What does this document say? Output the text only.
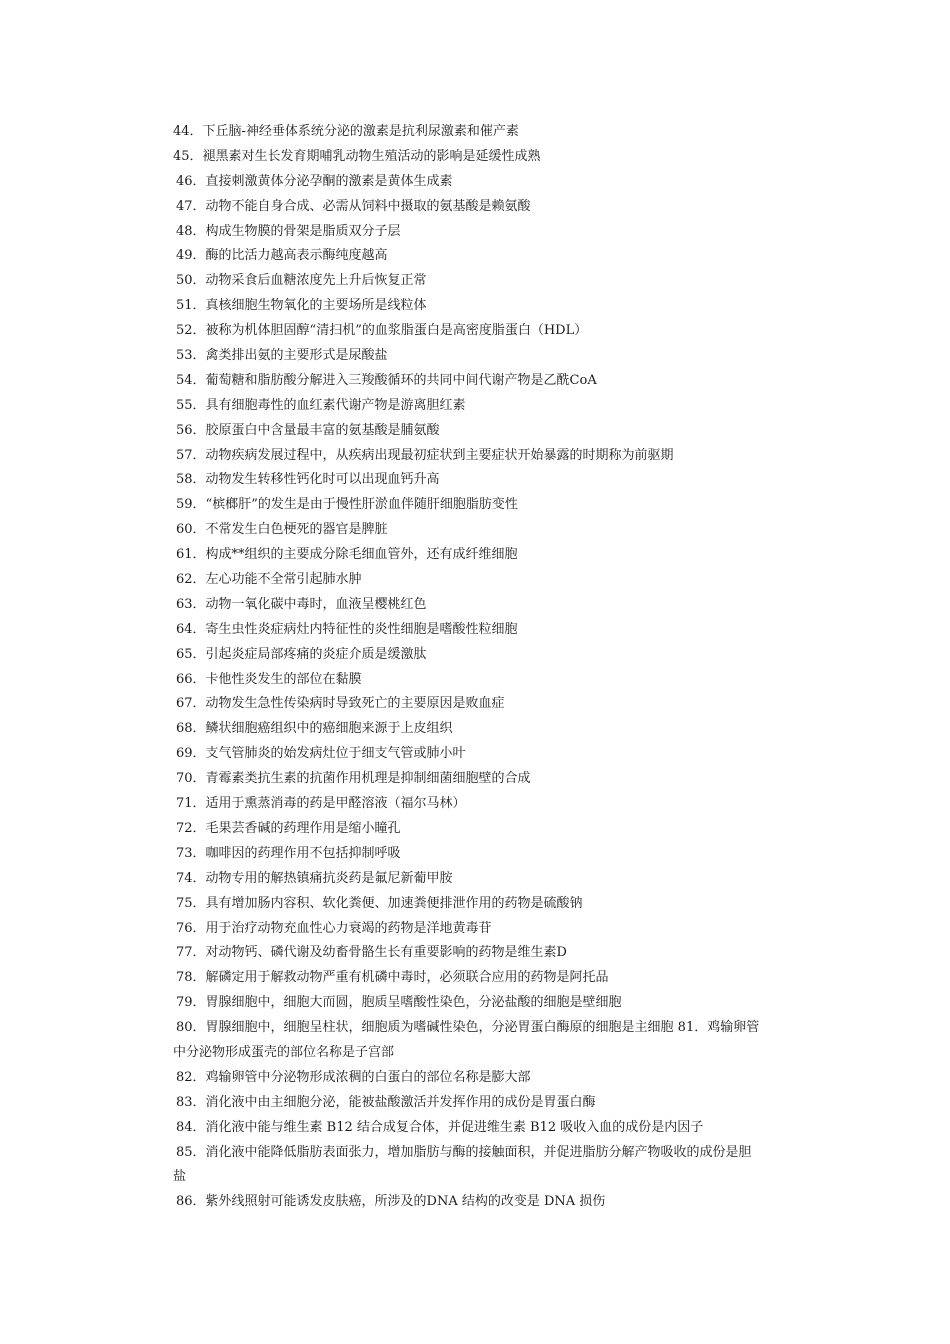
44．下丘脑-神经垂体系统分泌的激素是抗利尿激素和催产素
45．褪黑素对生长发育期哺乳动物生殖活动的影响是延缓性成熟
46．直接刺激黄体分泌孕酮的激素是黄体生成素
47．动物不能自身合成、必需从饲料中摄取的氨基酸是赖氨酸
48．构成生物膜的骨架是脂质双分子层
49．酶的比活力越高表示酶纯度越高
50．动物采食后血糖浓度先上升后恢复正常
51．真核细胞生物氧化的主要场所是线粒体
52．被称为机体胆固醇“清扫机”的血浆脂蛋白是高密度脂蛋白（HDL）
53．禽类排出氨的主要形式是尿酸盐
54．葡萄糖和脂肪酸分解进入三羧酸循环的共同中间代谢产物是乙酰CoA
55．具有细胞毒性的血红素代谢产物是游离胆红素
56．胶原蛋白中含量最丰富的氨基酸是脯氨酸
57．动物疾病发展过程中，从疾病出现最初症状到主要症状开始暴露的时期称为前驱期
58．动物发生转移性钙化时可以出现血钙升高
59．“槟榔肝”的发生是由于慢性肝淤血伴随肝细胞脂肪变性
60．不常发生白色梗死的器官是脾脏
61．构成**组织的主要成分除毛细血管外，还有成纤维细胞
62．左心功能不全常引起肺水肿
63．动物一氧化碳中毒时，血液呈樱桃红色
64．寄生虫性炎症病灶内特征性的炎性细胞是嗜酸性粒细胞
65．引起炎症局部疼痛的炎症介质是缓激肽
66．卡他性炎发生的部位在黏膜
67．动物发生急性传染病时导致死亡的主要原因是败血症
68．鳞状细胞癌组织中的癌细胞来源于上皮组织
69．支气管肺炎的始发病灶位于细支气管或肺小叶
70．青霉素类抗生素的抗菌作用机理是抑制细菌细胞壁的合成
71．适用于熏蒸消毒的药是甲醛溶液（福尔马林）
72．毛果芸香碱的药理作用是缩小瞳孔
73．咖啡因的药理作用不包括抑制呼吸
74．动物专用的解热镇痛抗炎药是氟尼新葡甲胺
75．具有增加肠内容积、软化粪便、加速粪便排泄作用的药物是硫酸钠
76．用于治疗动物充血性心力衰竭的药物是洋地黄毒苷
77．对动物钙、磷代谢及幼畜骨骼生长有重要影响的药物是维生素D
78．解磷定用于解救动物严重有机磷中毒时，必须联合应用的药物是阿托品
79．胃腺细胞中，细胞大而圆，胞质呈嗜酸性染色，分泌盐酸的细胞是壁细胞
80．胃腺细胞中，细胞呈柱状，细胞质为嗜碱性染色，分泌胃蛋白酶原的细胞是主细胞 81．鸡输卵管
中分泌物形成蛋壳的部位名称是子宫部
82．鸡输卵管中分泌物形成浓稠的白蛋白的部位名称是膨大部
83．消化液中由主细胞分泌，能被盐酸激活并发挥作用的成份是胃蛋白酶
84．消化液中能与维生素 B12 结合成复合体，并促进维生素 B12 吸收入血的成份是内因子
85．消化液中能降低脂肪表面张力，增加脂肪与酶的接触面积，并促进脂肪分解产物吸收的成份是胆
盐
86．紫外线照射可能诱发皮肤癌，所涉及的DNA 结构的改变是 DNA 损伤
